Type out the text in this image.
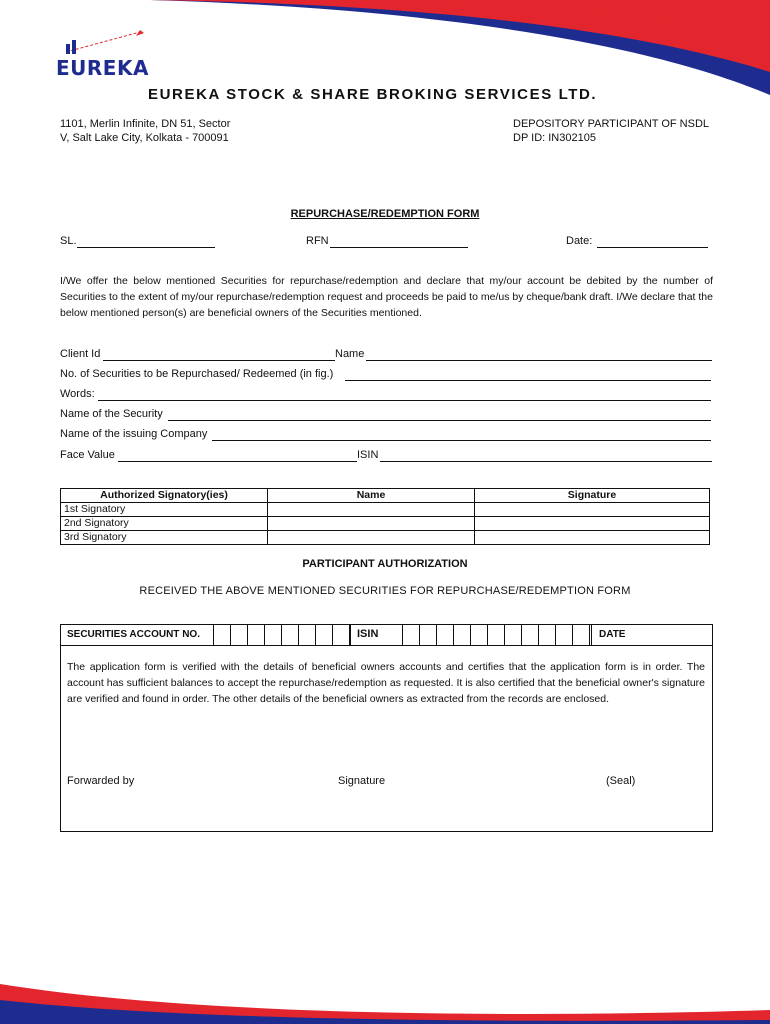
EUREKA
EUREKA STOCK & SHARE BROKING SERVICES LTD.
1101, Merlin Infinite, DN 51, Sector
V, Salt Lake City, Kolkata - 700091
DEPOSITORY PARTICIPANT OF NSDL
DP ID: IN302105
REPURCHASE/REDEMPTION FORM
SL.	RFN	Date:
I/We offer the below mentioned Securities for repurchase/redemption and declare that my/our account be debited by the number of Securities to the extent of my/our repurchase/redemption request and proceeds be paid to me/us by cheque/bank draft. I/We declare that the below mentioned person(s) are beneficial owners of the Securities mentioned.
Client Id	Name
No. of Securities to be Repurchased/ Redeemed (in fig.)
Words:
Name of the Security
Name of the issuing Company
Face Value	ISIN
Authorized Signatory(ies)	Name	Signature
1st Signatory		
2nd Signatory		
3rd Signatory		
PARTICIPANT AUTHORIZATION
RECEIVED THE ABOVE MENTIONED SECURITIES FOR REPURCHASE/REDEMPTION FORM
SECURITIES ACCOUNT NO.	ISIN	DATE
The application form is verified with the details of beneficial owners accounts and certifies that the application form is in order. The account has sufficient balances to accept the repurchase/redemption as requested. It is also certified that the beneficial owner's signature are verified and found in order. The other details of the beneficial owners as extracted from the records are enclosed.
Forwarded by	Signature	(Seal)
